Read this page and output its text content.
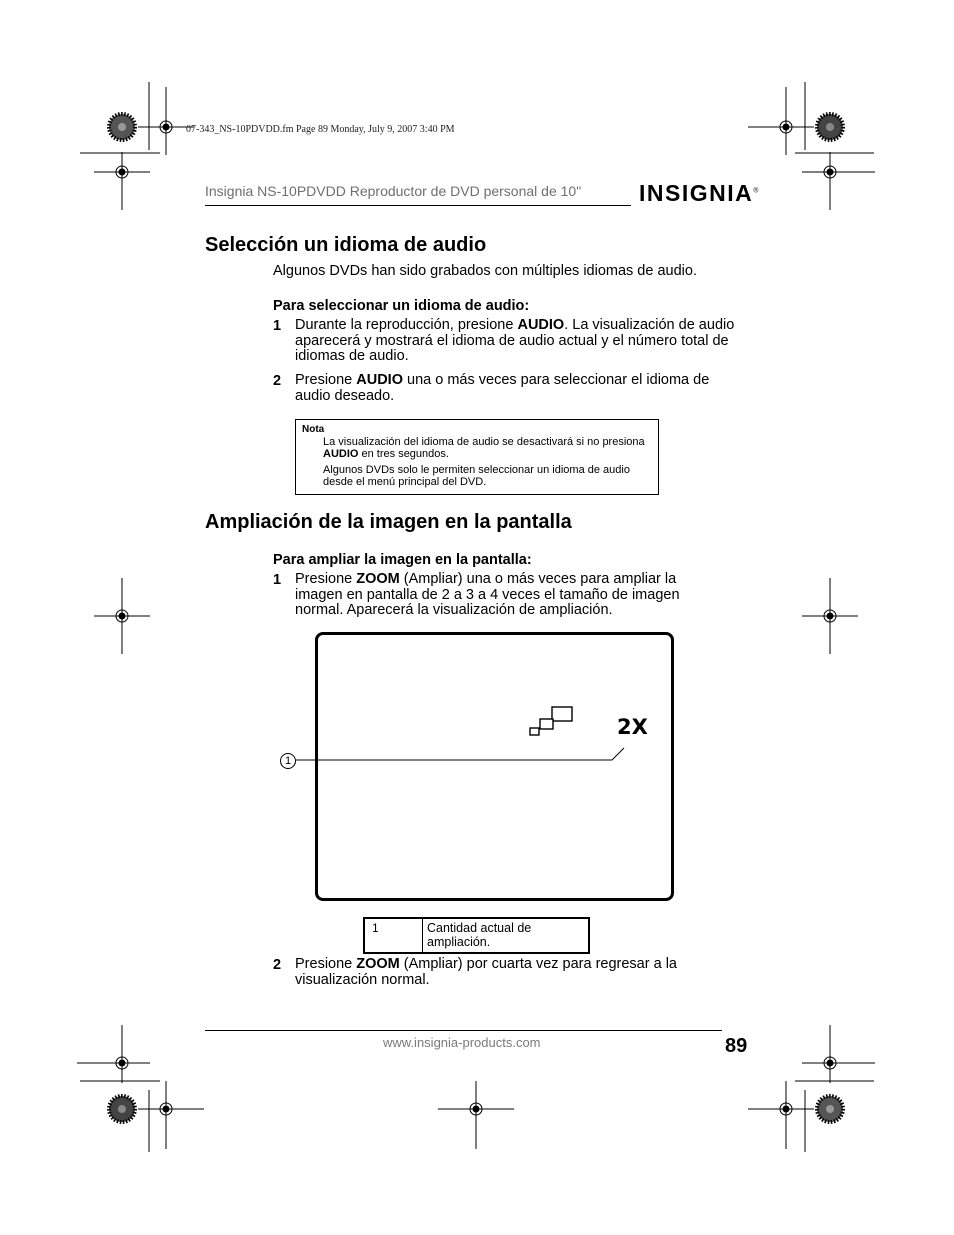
07-343_NS-10PDVDD.fm Page 89 Monday, July 9, 2007 3:40 PM
Insignia NS-10PDVDD Reproductor de DVD personal de 10"	INSIGNIA®
Selección un idioma de audio
Algunos DVDs han sido grabados con múltiples idiomas de audio.
Para seleccionar un idioma de audio:
1 Durante la reproducción, presione AUDIO. La visualización de audio aparecerá y mostrará el idioma de audio actual y el número total de idiomas de audio.
2 Presione AUDIO una o más veces para seleccionar el idioma de audio deseado.
Nota
La visualización del idioma de audio se desactivará si no presiona AUDIO en tres segundos.
Algunos DVDs solo le permiten seleccionar un idioma de audio desde el menú principal del DVD.
Ampliación de la imagen en la pantalla
Para ampliar la imagen en la pantalla:
1 Presione ZOOM (Ampliar) una o más veces para ampliar la imagen en pantalla de 2 a 3 a 4 veces el tamaño de imagen normal. Aparecerá la visualización de ampliación.
2X
1
1	Cantidad actual de ampliación.
2 Presione ZOOM (Ampliar) por cuarta vez para regresar a la visualización normal.
www.insignia-products.com	89
